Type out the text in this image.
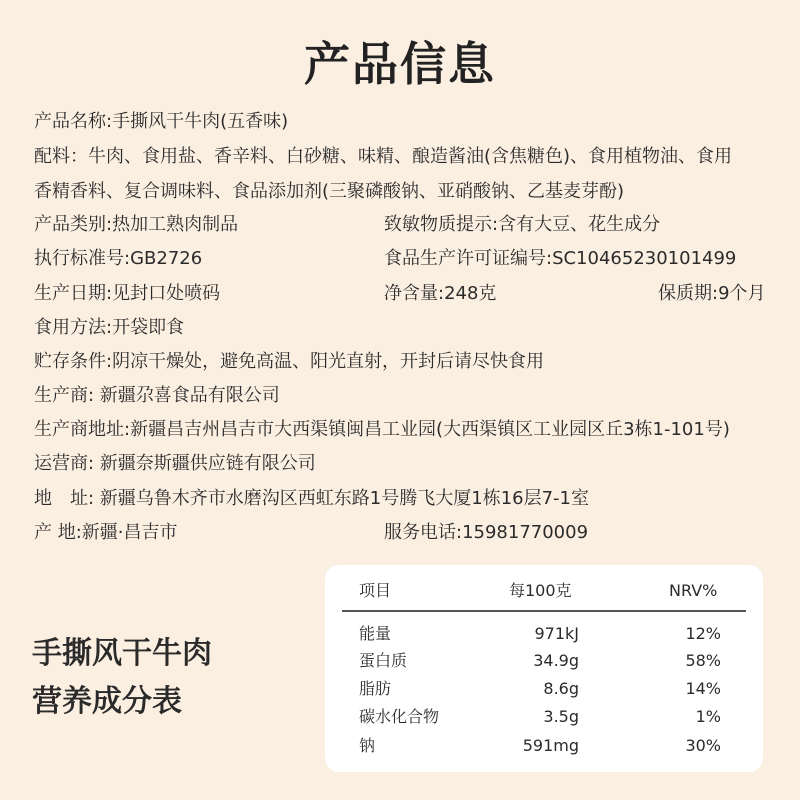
产品信息
产品名称:手撕风干牛肉(五香味)
配料：牛肉、食用盐、香辛料、白砂糖、味精、酿造酱油(含焦糖色)、食用植物油、食用
香精香料、复合调味料、食品添加剂(三聚磷酸钠、亚硝酸钠、乙基麦芽酚)
产品类别:热加工熟肉制品	致敏物质提示:含有大豆、花生成分
执行标准号:GB2726	食品生产许可证编号:SC10465230101499
生产日期:见封口处喷码	净含量:248克	保质期:9个月
食用方法:开袋即食
贮存条件:阴凉干燥处，避免高温、阳光直射，开封后请尽快食用
生产商: 新疆尕喜食品有限公司
生产商地址:新疆昌吉州昌吉市大西渠镇闽昌工业园(大西渠镇区工业园区丘3栋1-101号)
运营商: 新疆奈斯疆供应链有限公司
地　址: 新疆乌鲁木齐市水磨沟区西虹东路1号腾飞大厦1栋16层7-1室
产 地:新疆·昌吉市	服务电话:15981770009
手撕风干牛肉
营养成分表
项目	每100克	NRV%
能量	971kJ	12%
蛋白质	34.9g	58%
脂肪	8.6g	14%
碳水化合物	3.5g	1%
钠	591mg	30%
